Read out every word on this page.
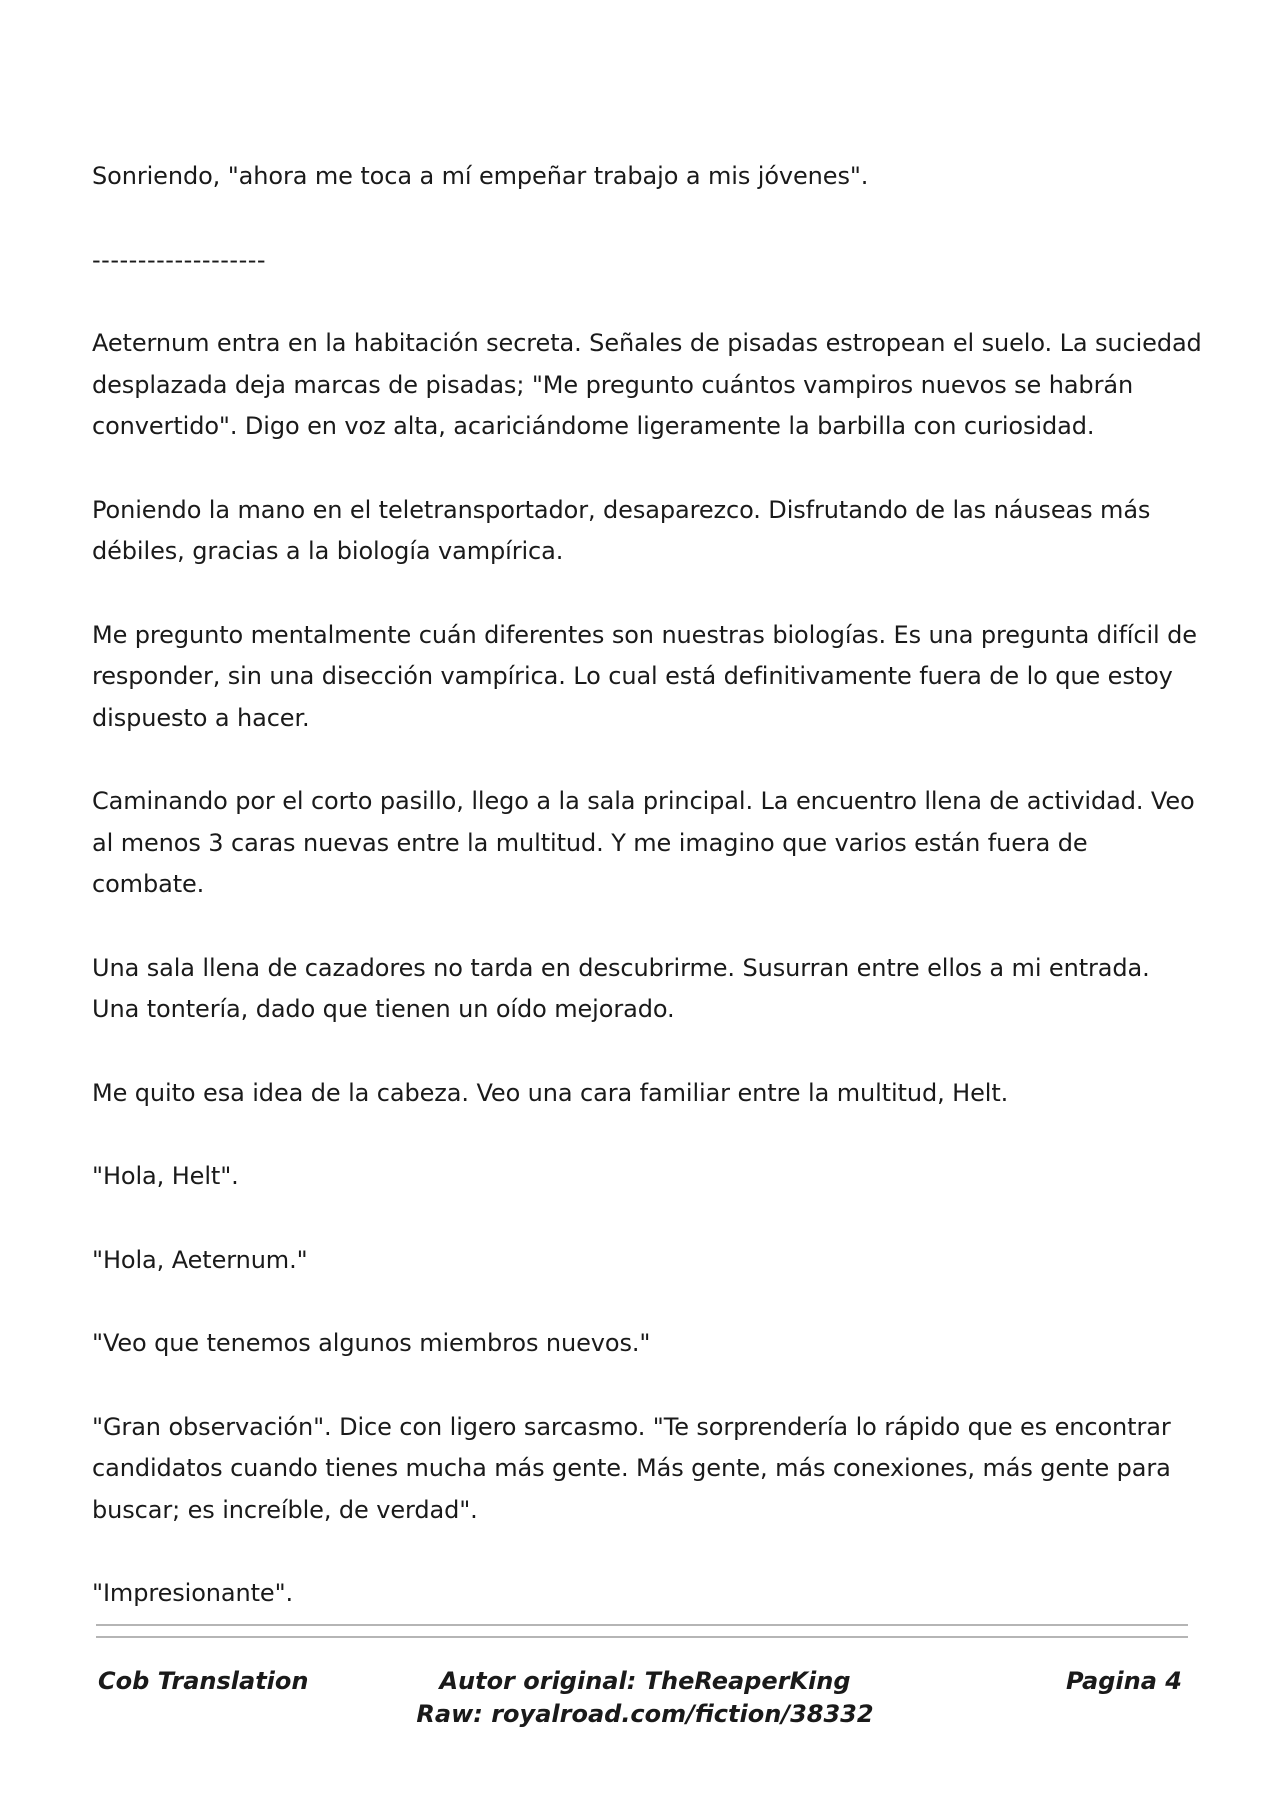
Sonriendo, "ahora me toca a mí empeñar trabajo a mis jóvenes".

-------------------

Aeternum entra en la habitación secreta. Señales de pisadas estropean el suelo. La suciedad desplazada deja marcas de pisadas; "Me pregunto cuántos vampiros nuevos se habrán convertido". Digo en voz alta, acariciándome ligeramente la barbilla con curiosidad.

Poniendo la mano en el teletransportador, desaparezco. Disfrutando de las náuseas más débiles, gracias a la biología vampírica.

Me pregunto mentalmente cuán diferentes son nuestras biologías. Es una pregunta difícil de responder, sin una disección vampírica. Lo cual está definitivamente fuera de lo que estoy dispuesto a hacer.

Caminando por el corto pasillo, llego a la sala principal. La encuentro llena de actividad. Veo al menos 3 caras nuevas entre la multitud. Y me imagino que varios están fuera de combate.

Una sala llena de cazadores no tarda en descubrirme. Susurran entre ellos a mi entrada. Una tontería, dado que tienen un oído mejorado.

Me quito esa idea de la cabeza. Veo una cara familiar entre la multitud, Helt.

"Hola, Helt".

"Hola, Aeternum."

"Veo que tenemos algunos miembros nuevos."

"Gran observación". Dice con ligero sarcasmo. "Te sorprendería lo rápido que es encontrar candidatos cuando tienes mucha más gente. Más gente, más conexiones, más gente para buscar; es increíble, de verdad".

"Impresionante".

Cob Translation	Autor original: TheReaperKing
Raw: royalroad.com/fiction/38332
Pagina 4
